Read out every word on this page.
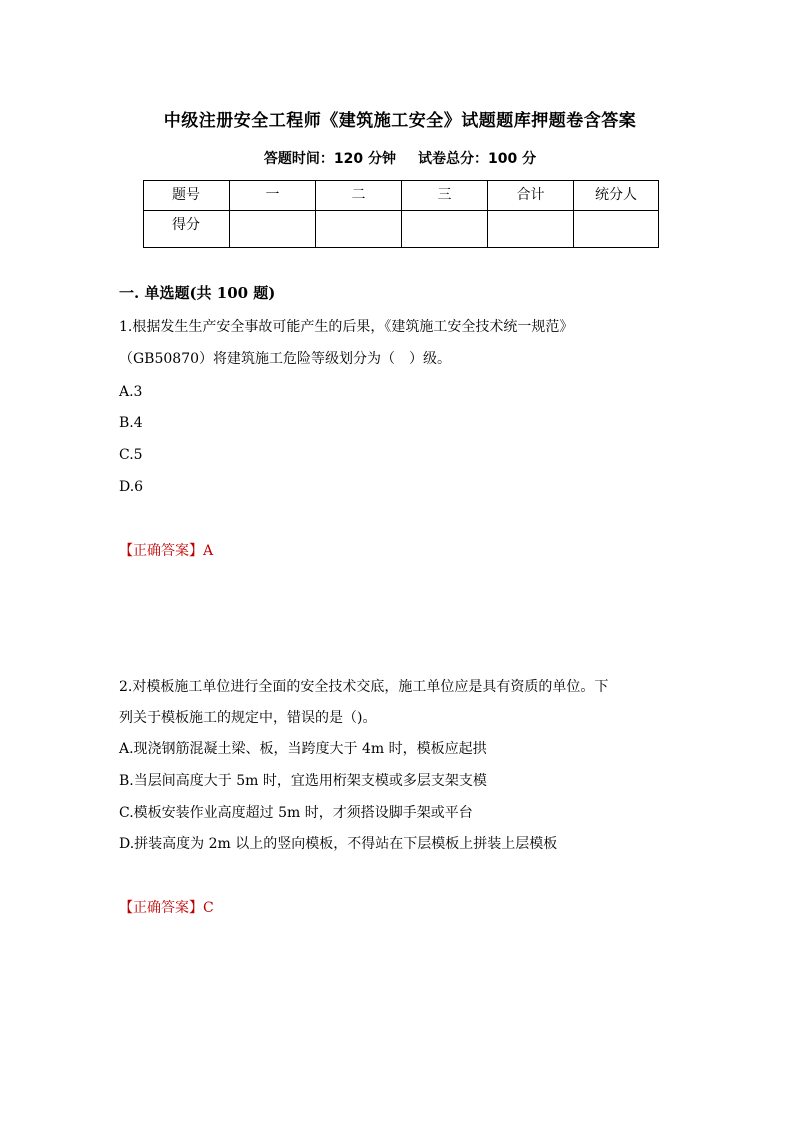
中级注册安全工程师《建筑施工安全》试题题库押题卷含答案
答题时间：120 分钟 试卷总分：100 分
题号	一	二	三	合计	统分人
得分					
一. 单选题(共 100 题)
1.根据发生生产安全事故可能产生的后果，《建筑施工安全技术统一规范》
（GB50870）将建筑施工危险等级划分为（　）级。
A.3
B.4
C.5
D.6
【正确答案】A
2.对模板施工单位进行全面的安全技术交底，施工单位应是具有资质的单位。下
列关于模板施工的规定中，错误的是（)。
A.现浇钢筋混凝土梁、板，当跨度大于 4m 时，模板应起拱
B.当层间高度大于 5m 时，宜选用桁架支模或多层支架支模
C.模板安装作业高度超过 5m 时，才须搭设脚手架或平台
D.拼装高度为 2m 以上的竖向模板，不得站在下层模板上拼装上层模板
【正确答案】C
